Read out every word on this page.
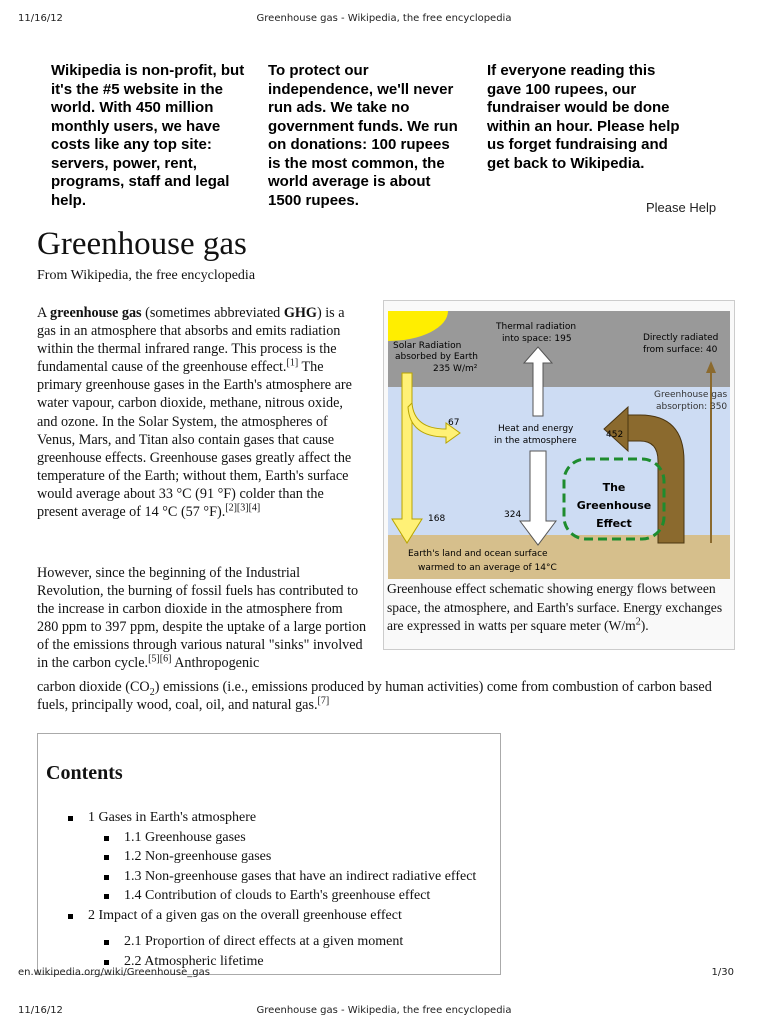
11/16/12	Greenhouse gas - Wikipedia, the free encyclopedia
Wikipedia is non-profit, but
it's the #5 website in the
world. With 450 million
monthly users, we have
costs like any top site:
servers, power, rent,
programs, staff and legal
help.
To protect our
independence, we'll never
run ads. We take no
government funds. We run
on donations: 100 rupees
is the most common, the
world average is about
1500 rupees.
If everyone reading this
gave 100 rupees, our
fundraiser would be done
within an hour. Please help
us forget fundraising and
get back to Wikipedia.
Please Help
Greenhouse gas
From Wikipedia, the free encyclopedia
A greenhouse gas (sometimes abbreviated GHG) is a gas in an atmosphere that absorbs and emits radiation within the thermal infrared range. This process is the fundamental cause of the greenhouse effect.[1] The primary greenhouse gases in the Earth's atmosphere are water vapour, carbon dioxide, methane, nitrous oxide, and ozone. In the Solar System, the atmospheres of Venus, Mars, and Titan also contain gases that cause greenhouse effects. Greenhouse gases greatly affect the temperature of the Earth; without them, Earth's surface would average about 33 °C (91 °F) colder than the present average of 14 °C (57 °F).[2][3][4]
However, since the beginning of the Industrial Revolution, the burning of fossil fuels has contributed to the increase in carbon dioxide in the atmosphere from 280 ppm to 397 ppm, despite the uptake of a large portion of the emissions through various natural "sinks" involved in the carbon cycle.[5][6] Anthropogenic
carbon dioxide $(CO_2)$ emissions (i.e., emissions produced by human activities) come from combustion of carbon based fuels, principally wood, coal, oil, and natural gas.[7]
Solar Radiation
absorbed by Earth
235 W/m²
Thermal radiation
into space: 195	Directly radiated
from surface: 40
Greenhouse gas
absorption: 350
Heat and energy
in the atmosphere
67
452
168	324
The
Greenhouse
Effect
Earth's land and ocean surface
warmed to an average of 14°C
Greenhouse effect schematic showing energy flows between space, the atmosphere, and Earth's surface. Energy exchanges are expressed in watts per square meter $(W/m^2)$.
Contents
1 Gases in Earth's atmosphere
1.1 Greenhouse gases
1.2 Non-greenhouse gases
1.3 Non-greenhouse gases that have an indirect radiative effect
1.4 Contribution of clouds to Earth's greenhouse effect
2 Impact of a given gas on the overall greenhouse effect
2.1 Proportion of direct effects at a given moment
2.2 Atmospheric lifetime
en.wikipedia.org/wiki/Greenhouse_gas	1/30
11/16/12	Greenhouse gas - Wikipedia, the free encyclopedia
